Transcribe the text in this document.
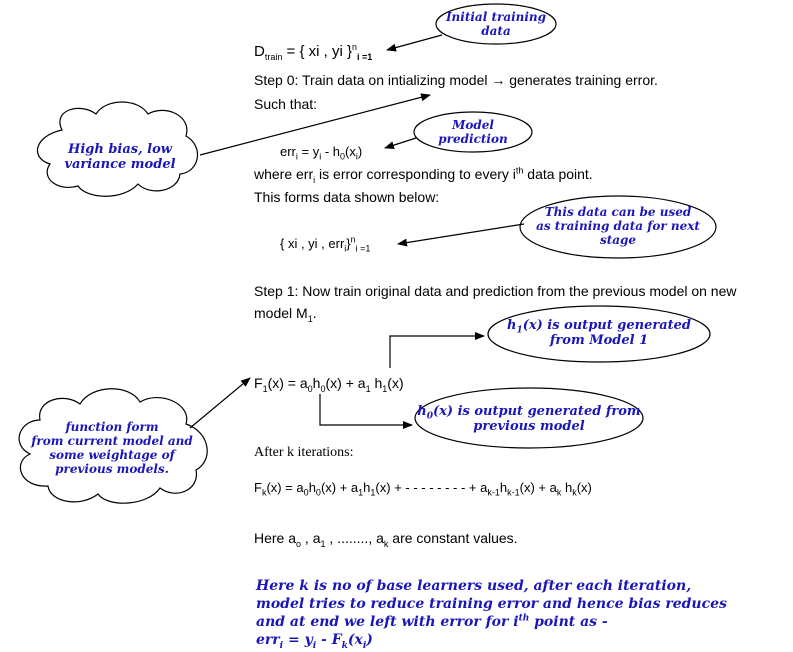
$D_{train}$ = { xi , yi }$^n_{i =1}$
Step 0: Train data on intializing model → generates training error.
Such that:
$err_i = y_i - h_0(x_i)$
where err$_i$ is error corresponding to every $i^{th}$ data point.
This forms data shown below:
{ xi , yi , err$_i$}$^n_{i =1}$
Step 1: Now train original data and prediction from the previous model on new
model $M_1$.
$F_1(x) = a_0h_0(x) + a_1$ $h_1(x)$
After k iterations:
$F_k(x) = a_0h_0(x) + a_1h_1(x)$ + - - - - - - - - + $a_{k-1}h_{k-1}(x) + a_k$ $h_k(x)$
Here $a_o$ , $a_1$ , ........, $a_k$ are constant values.
Initial training
data
Model
prediction
This data can be used
as training data for next
stage
$h_1(x)$ is output generated
from Model 1
$h_0(x)$ is output generated from
previous model
High bias, low
variance model
function form
from current model and
some weightage of
previous models.
Here k is no of base learners used, after each iteration,
model tries to reduce training error and hence bias reduces
and at end we left with error for $i^{th}$ point as -
$err_i = y_i - F_k(x_i)$
